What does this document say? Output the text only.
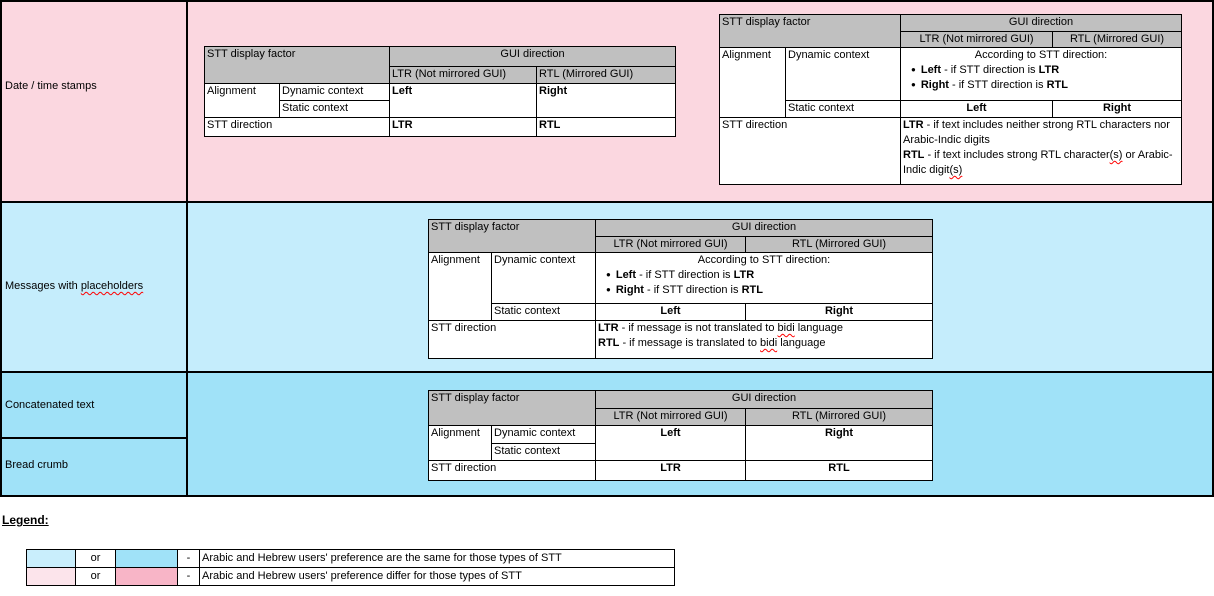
Date / time stamps
STT display factor		GUI direction	
		LTR (Not mirrored GUI)	RTL (Mirrored GUI)
Alignment	Dynamic context	Left	Right
	Static context		
STT direction		LTR	RTL
STT display factor		GUI direction	
		LTR (Not mirrored GUI)	RTL (Mirrored GUI)
Alignment	Dynamic context	According to STT direction:
● Left - if STT direction is LTR
● Right - if STT direction is RTL	

	Static context	Left	Right
STT direction		LTR - if text includes neither strong RTL characters nor Arabic-Indic digits
RTL - if text includes strong RTL character(s) or Arabic-Indic digit(s)	
Messages with placeholders
STT display factor		GUI direction	
		LTR (Not mirrored GUI)	RTL (Mirrored GUI)
Alignment	Dynamic context	According to STT direction:
● Left - if STT direction is LTR
● Right - if STT direction is RTL	

	Static context	Left	Right
STT direction		LTR - if message is not translated to bidi language
RTL - if message is translated to bidi language	
Concatenated text
Bread crumb
STT display factor		GUI direction	
		LTR (Not mirrored GUI)	RTL (Mirrored GUI)
Alignment	Dynamic context	Left	Right
	Static context		
STT direction		LTR	RTL
Legend:
	or		-	Arabic and Hebrew users' preference are the same for those types of STT
	or		-	Arabic and Hebrew users' preference differ for those types of STT
